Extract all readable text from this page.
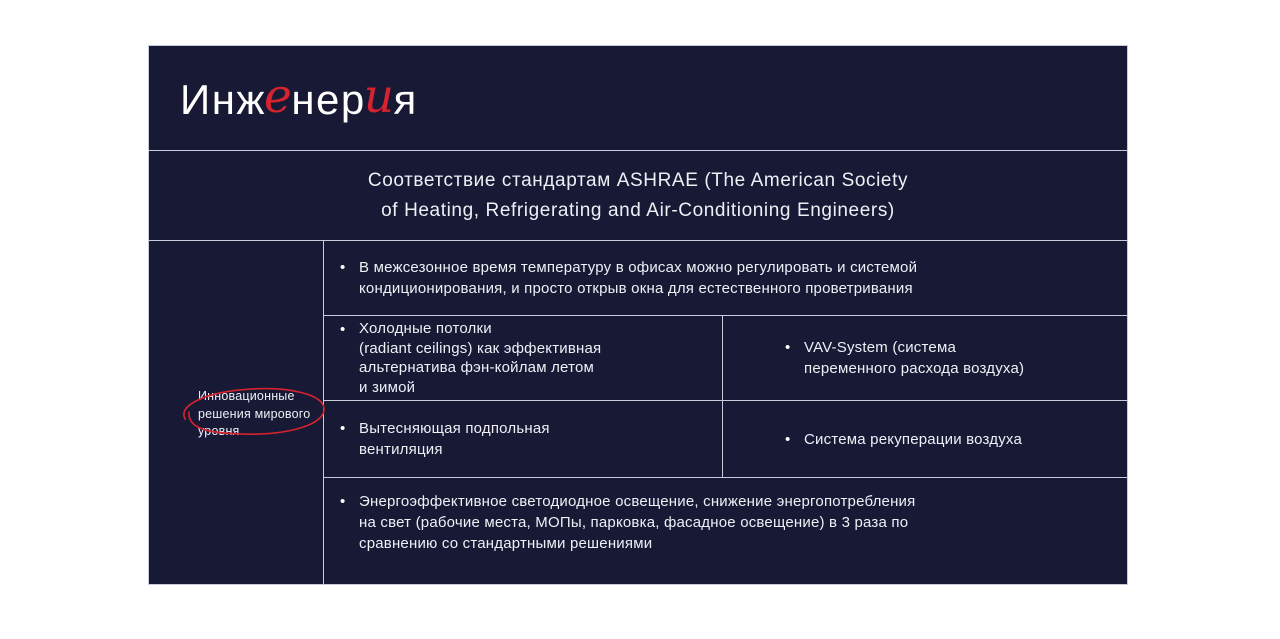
Инженерия
Соответствие стандартам ASHRAE (The American Society
of Heating, Refrigerating and Air-Conditioning Engineers)
Инновационные
решения мирового
уровня
• В межсезонное время температуру в офисах можно регулировать и системой
кондиционирования, и просто открыв окна для естественного проветривания
• Холодные потолки
(radiant ceilings) как эффективная
альтернатива фэн-койлам летом
и зимой
• VAV-System (система
переменного расхода воздуха)
• Вытесняющая подпольная
вентиляция
• Система рекуперации воздуха
• Энергоэффективное светодиодное освещение, снижение энергопотребления
на свет (рабочие места, МОПы, парковка, фасадное освещение) в 3 раза по
сравнению со стандартными решениями
